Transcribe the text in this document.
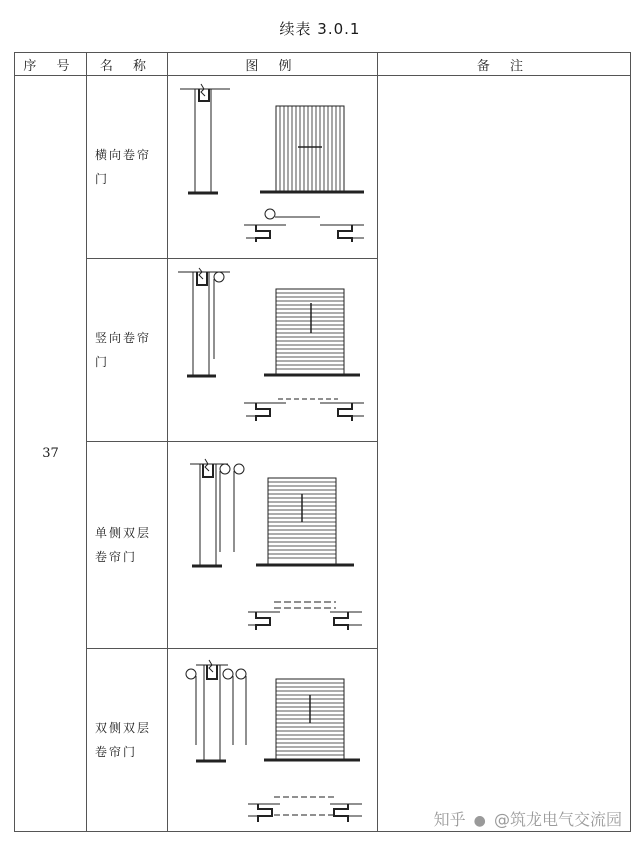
续表 3.0.1
序 号	名 称	图 例	备 注
37	横向卷帘门	

	竖向卷帘门	

	单侧双层卷帘门	

	双侧双层卷帘门	
知乎 ● @筑龙电气交流园
